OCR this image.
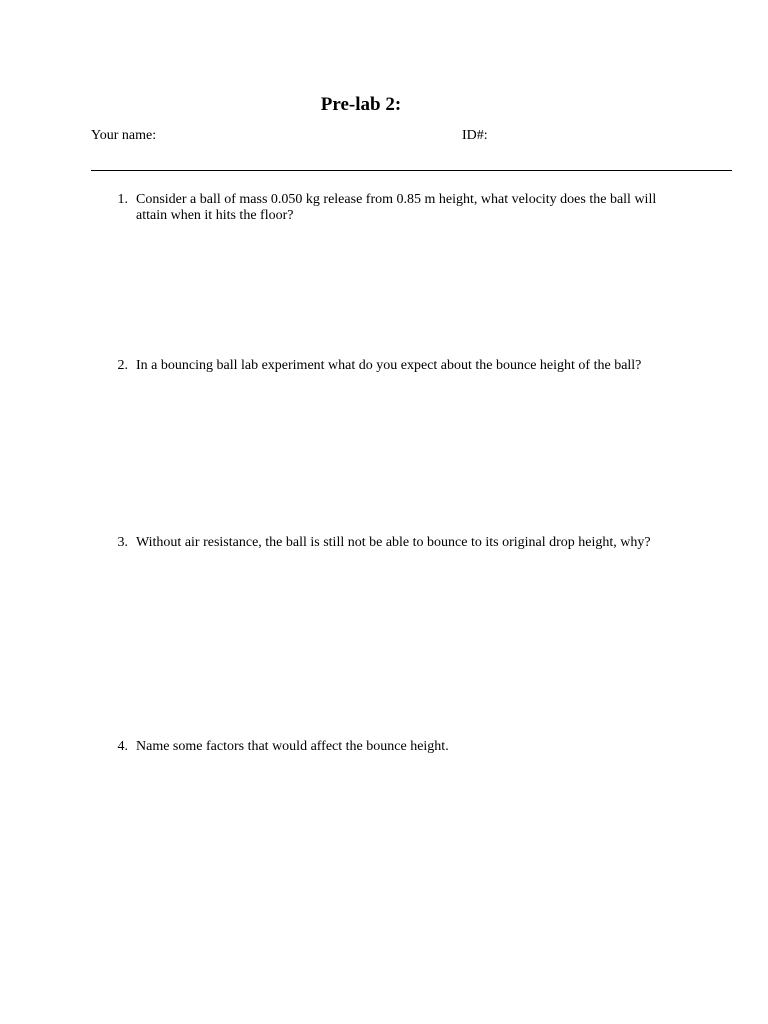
Pre-lab 2:
Your name:	ID#:
1. Consider a ball of mass 0.050 kg release from 0.85 m height, what velocity does the ball will attain when it hits the floor?
2. In a bouncing ball lab experiment what do you expect about the bounce height of the ball?
3. Without air resistance, the ball is still not be able to bounce to its original drop height, why?
4. Name some factors that would affect the bounce height.
